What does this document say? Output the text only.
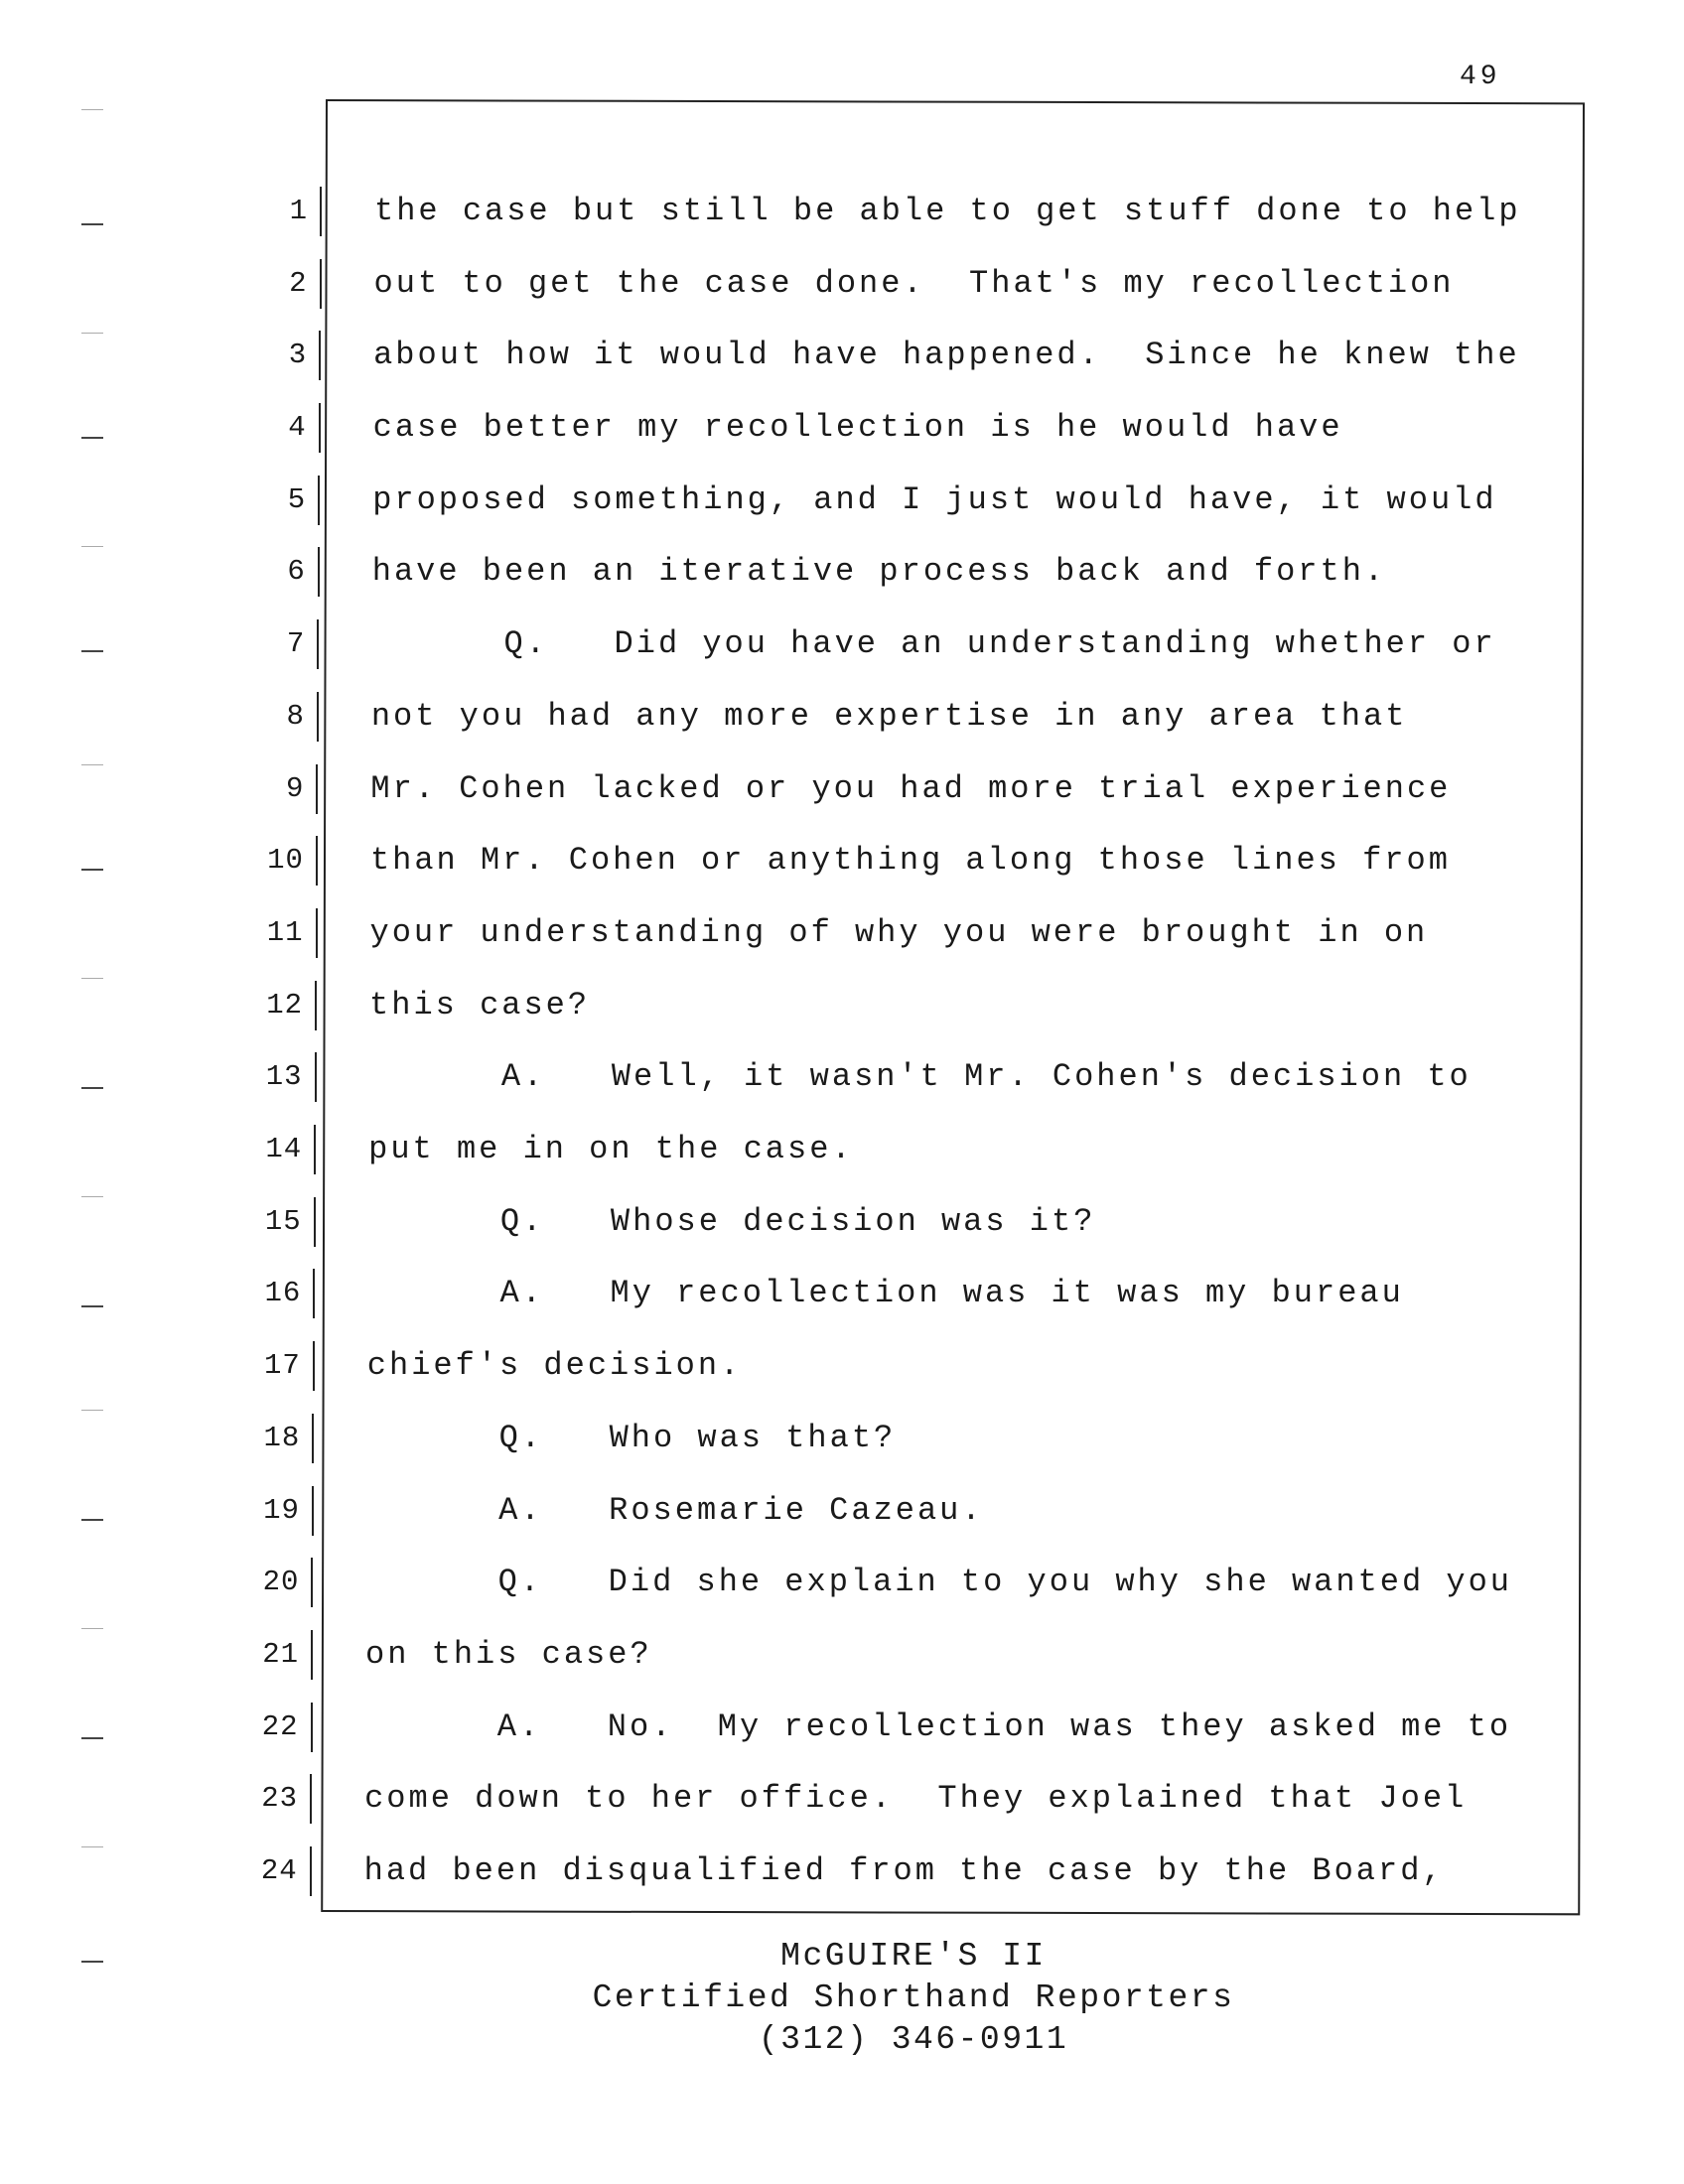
49
1 the case but still be able to get stuff done to help
2 out to get the case done.  That's my recollection
3 about how it would have happened.  Since he knew the
4 case better my recollection is he would have
5 proposed something, and I just would have, it would
6 have been an iterative process back and forth.
7 Q.   Did you have an understanding whether or
8 not you had any more expertise in any area that
9 Mr. Cohen lacked or you had more trial experience
10 than Mr. Cohen or anything along those lines from
11 your understanding of why you were brought in on
12 this case?
13 A.   Well, it wasn't Mr. Cohen's decision to
14 put me in on the case.
15 Q.   Whose decision was it?
16 A.   My recollection was it was my bureau
17 chief's decision.
18 Q.   Who was that?
19 A.   Rosemarie Cazeau.
20 Q.   Did she explain to you why she wanted you
21 on this case?
22 A.   No.  My recollection was they asked me to
23 come down to her office.  They explained that Joel
24 had been disqualified from the case by the Board,
McGUIRE'S II
Certified Shorthand Reporters
(312) 346-0911
